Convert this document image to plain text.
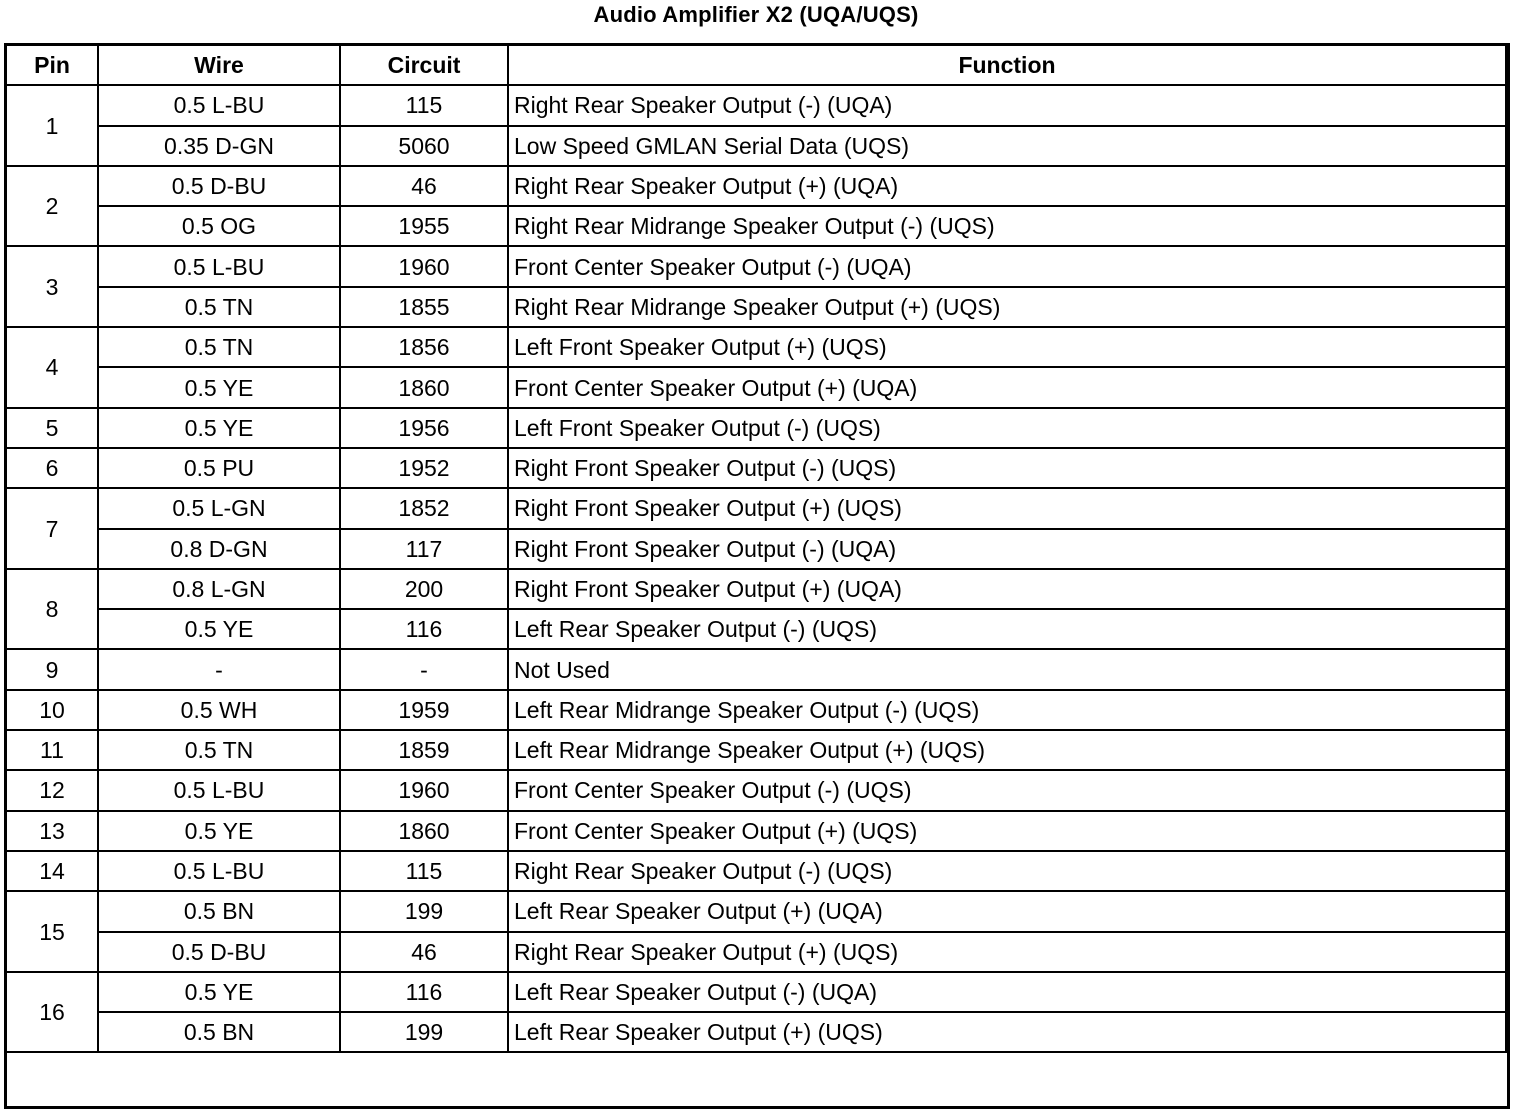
Audio Amplifier X2 (UQA/UQS)
Pin	Wire	Circuit	Function
1	0.5 L-BU	115	Right Rear Speaker Output (-) (UQA)
	0.35 D-GN	5060	Low Speed GMLAN Serial Data (UQS)
2	0.5 D-BU	46	Right Rear Speaker Output (+) (UQA)
	0.5 OG	1955	Right Rear Midrange Speaker Output (-) (UQS)
3	0.5 L-BU	1960	Front Center Speaker Output (-) (UQA)
	0.5 TN	1855	Right Rear Midrange Speaker Output (+) (UQS)
4	0.5 TN	1856	Left Front Speaker Output (+) (UQS)
	0.5 YE	1860	Front Center Speaker Output (+) (UQA)
5	0.5 YE	1956	Left Front Speaker Output (-) (UQS)
6	0.5 PU	1952	Right Front Speaker Output (-) (UQS)
7	0.5 L-GN	1852	Right Front Speaker Output (+) (UQS)
	0.8 D-GN	117	Right Front Speaker Output (-) (UQA)
8	0.8 L-GN	200	Right Front Speaker Output (+) (UQA)
	0.5 YE	116	Left Rear Speaker Output (-) (UQS)
9	-	-	Not Used
10	0.5 WH	1959	Left Rear Midrange Speaker Output (-) (UQS)
11	0.5 TN	1859	Left Rear Midrange Speaker Output (+) (UQS)
12	0.5 L-BU	1960	Front Center Speaker Output (-) (UQS)
13	0.5 YE	1860	Front Center Speaker Output (+) (UQS)
14	0.5 L-BU	115	Right Rear Speaker Output (-) (UQS)
15	0.5 BN	199	Left Rear Speaker Output (+) (UQA)
	0.5 D-BU	46	Right Rear Speaker Output (+) (UQS)
16	0.5 YE	116	Left Rear Speaker Output (-) (UQA)
	0.5 BN	199	Left Rear Speaker Output (+) (UQS)
